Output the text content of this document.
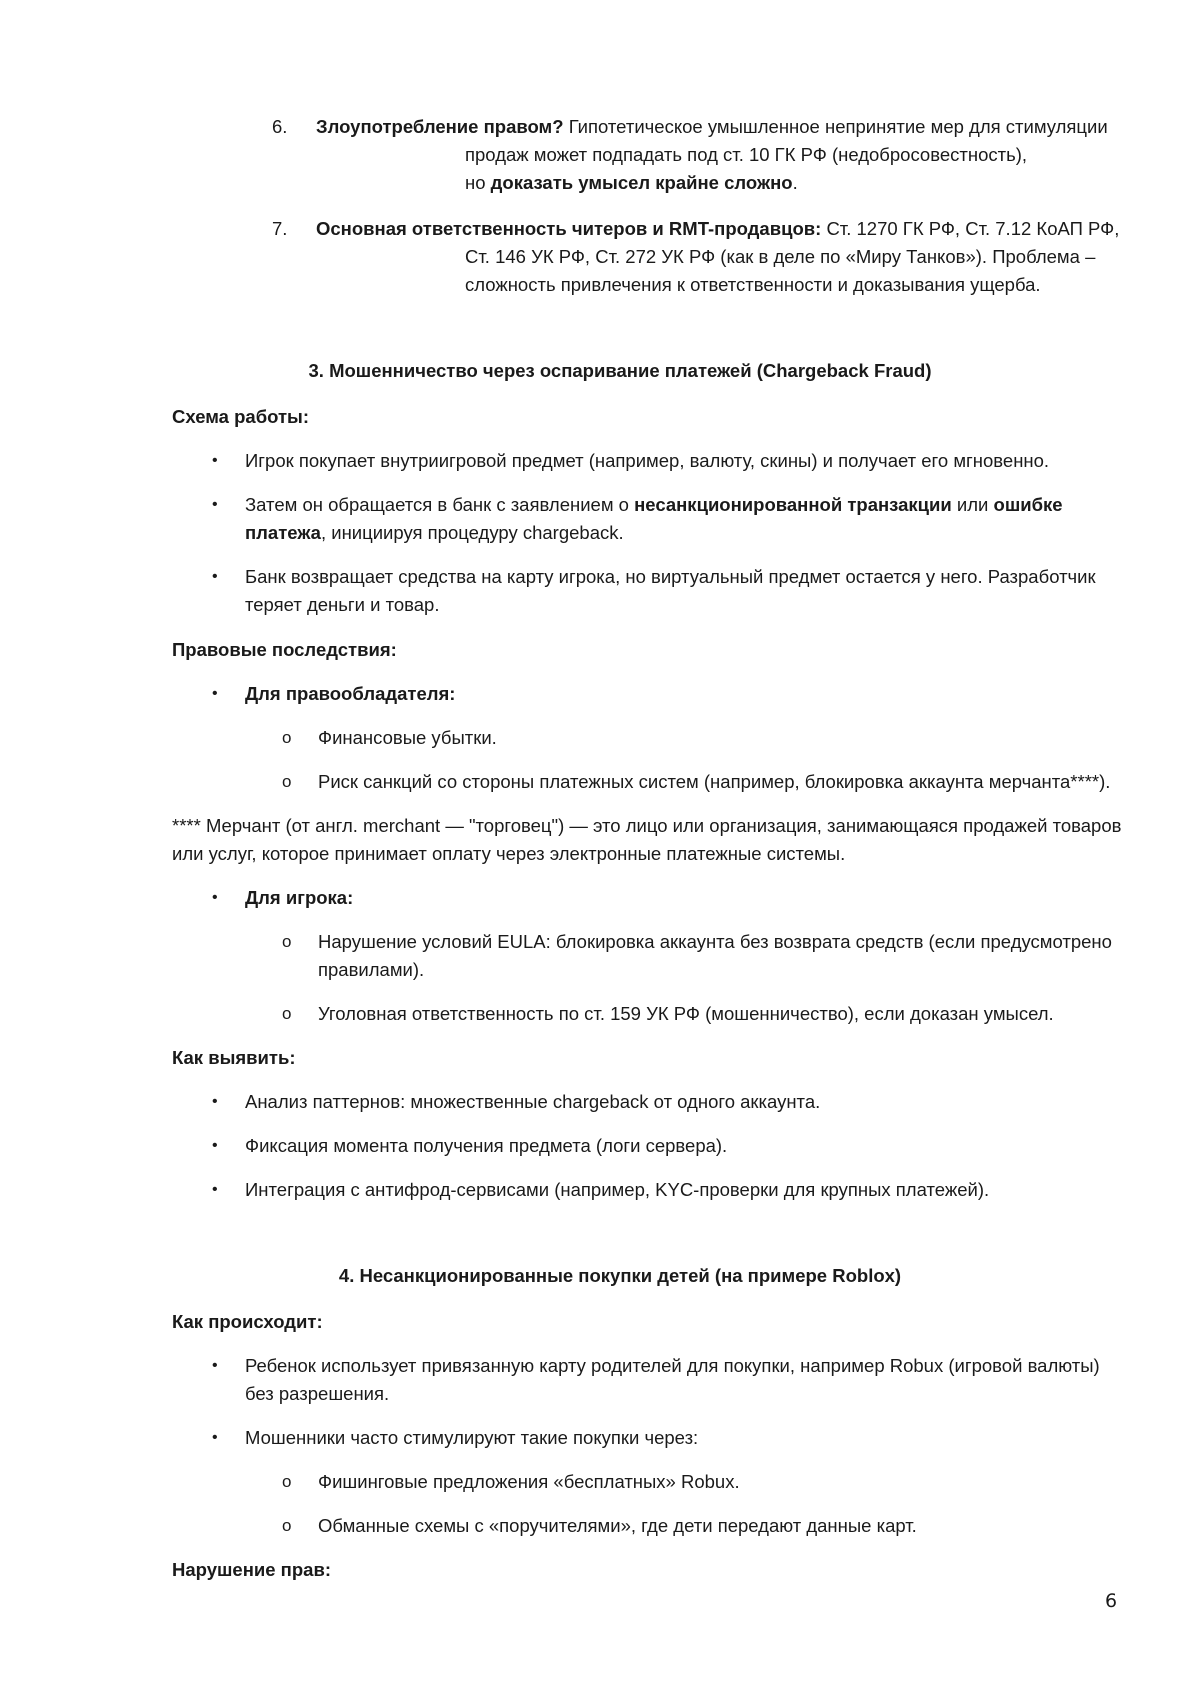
6. Злоупотребление правом? Гипотетическое умышленное непринятие мер для стимуляции
продаж может подпадать под ст. 10 ГК РФ (недобросовестность),
но доказать умысел крайне сложно.
7. Основная ответственность читеров и RMT-продавцов: Ст. 1270 ГК РФ, Ст. 7.12 КоАП РФ,
Ст. 146 УК РФ, Ст. 272 УК РФ (как в деле по «Миру Танков»). Проблема –
сложность привлечения к ответственности и доказывания ущерба.
3. Мошенничество через оспаривание платежей (Chargeback Fraud)
Схема работы:
• Игрок покупает внутриигровой предмет (например, валюту, скины) и получает его мгновенно.
• Затем он обращается в банк с заявлением о несанкционированной транзакции или ошибке
платежа, инициируя процедуру chargeback.
• Банк возвращает средства на карту игрока, но виртуальный предмет остается у него. Разработчик
теряет деньги и товар.
Правовые последствия:
• Для правообладателя:
o Финансовые убытки.
o Риск санкций со стороны платежных систем (например, блокировка аккаунта мерчанта****).
**** Мерчант (от англ. merchant — "торговец") — это лицо или организация, занимающаяся продажей товаров
или услуг, которое принимает оплату через электронные платежные системы.
• Для игрока:
o Нарушение условий EULA: блокировка аккаунта без возврата средств (если предусмотрено
правилами).
o Уголовная ответственность по ст. 159 УК РФ (мошенничество), если доказан умысел.
Как выявить:
• Анализ паттернов: множественные chargeback от одного аккаунта.
• Фиксация момента получения предмета (логи сервера).
• Интеграция с антифрод-сервисами (например, KYC-проверки для крупных платежей).
4. Несанкционированные покупки детей (на примере Roblox)
Как происходит:
• Ребенок использует привязанную карту родителей для покупки, например Robux (игровой валюты)
без разрешения.
• Мошенники часто стимулируют такие покупки через:
o Фишинговые предложения «бесплатных» Robux.
o Обманные схемы с «поручителями», где дети передают данные карт.
Нарушение прав:
6
